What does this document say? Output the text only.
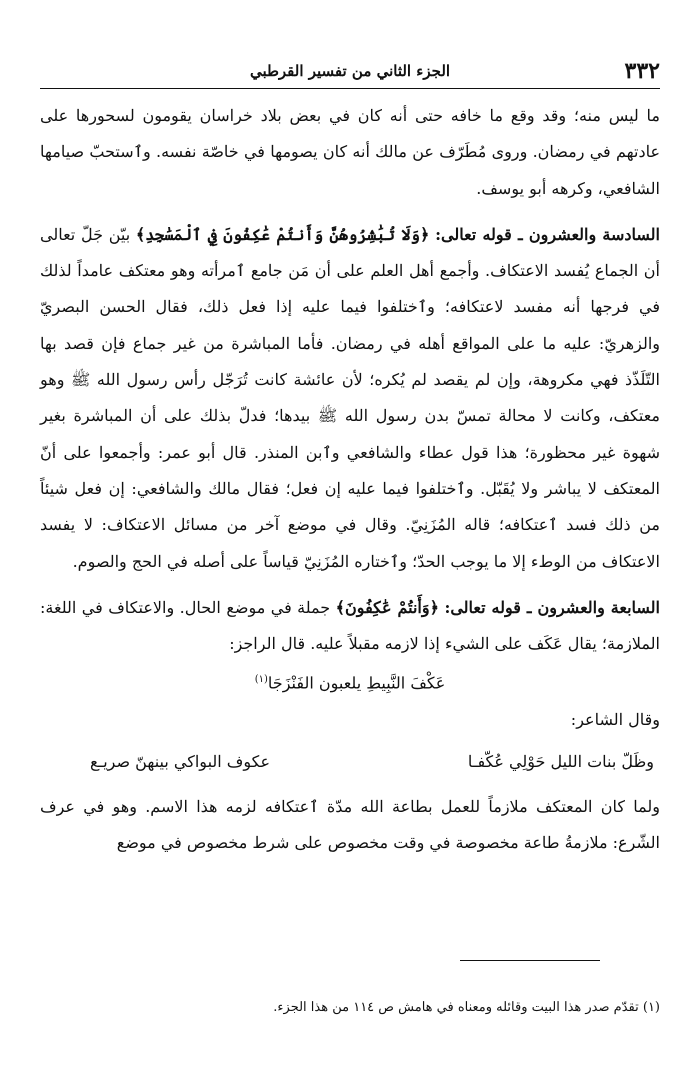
٣٣٢
الجزء الثاني من تفسير القرطبي

ما ليس منه؛ وقد وقع ما خافه حتى أنه كان في بعض بلاد خراسان يقومون لسحورها على عادتهم في رمضان. وروى مُطَرّف عن مالك أنه كان يصومها في خاصّة نفسه. وٱستحبّ صيامها الشافعي، وكرهه أبو يوسف.

السادسة والعشرون ـ قوله تعالى: ﴿وَلَا تُبَٰشِرُوهُنَّ وَأَنتُمْ عَٰكِفُونَ فِي ٱلْمَسَٰجِدِ﴾ بيّن جَلّ تعالى أن الجماع يُفسد الاعتكاف. وأجمع أهل العلم على أن مَن جامع ٱمرأته وهو معتكف عامداً لذلك في فرجها أنه مفسد لاعتكافه؛ وٱختلفوا فيما عليه إذا فعل ذلك، فقال الحسن البصريّ والزهريّ: عليه ما على المواقع أهله في رمضان. فأما المباشرة من غير جماع فإن قصد بها التّلَذّذ فهي مكروهة، وإن لم يقصد لم يُكره؛ لأن عائشة كانت تُرَجّل رأس رسول الله ﷺ وهو معتكف، وكانت لا محالة تمسّ بدن رسول الله ﷺ بيدها؛ فدلّ بذلك على أن المباشرة بغير شهوة غير محظورة؛ هذا قول عطاء والشافعي وٱبن المنذر. قال أبو عمر: وأجمعوا على أنّ المعتكف لا يباشر ولا يُقَبّل. وٱختلفوا فيما عليه إن فعل؛ فقال مالك والشافعي: إن فعل شيئاً من ذلك فسد ٱعتكافه؛ قاله المُزَنِيّ. وقال في موضع آخر من مسائل الاعتكاف: لا يفسد الاعتكاف من الوطء إلا ما يوجب الحدّ؛ وٱختاره المُزَنِيّ قياساً على أصله في الحج والصوم.

السابعة والعشرون ـ قوله تعالى: ﴿وَأَنتُمْ عَٰكِفُونَ﴾ جملة في موضع الحال. والاعتكاف في اللغة: الملازمة؛ يقال عَكَف على الشيء إذا لازمه مقبلاً عليه. قال الراجز:

عَكْفَ النَّبِيطِ يلعبون الفَنْزَجَا$^{(١)}$

وقال الشاعر:

وظَلّ بنات الليل حَوْلِي عُكّفـا
عكوف البواكي بينهنّ صريـع

ولما كان المعتكف ملازماً للعمل بطاعة الله مدّة ٱعتكافه لزمه هذا الاسم. وهو في عرف الشّرع: ملازمةُ طاعة مخصوصة في وقت مخصوص على شرط مخصوص في موضع

(١) تقدّم صدر هذا البيت وقائله ومعناه في هامش ص ١١٤ من هذا الجزء.
